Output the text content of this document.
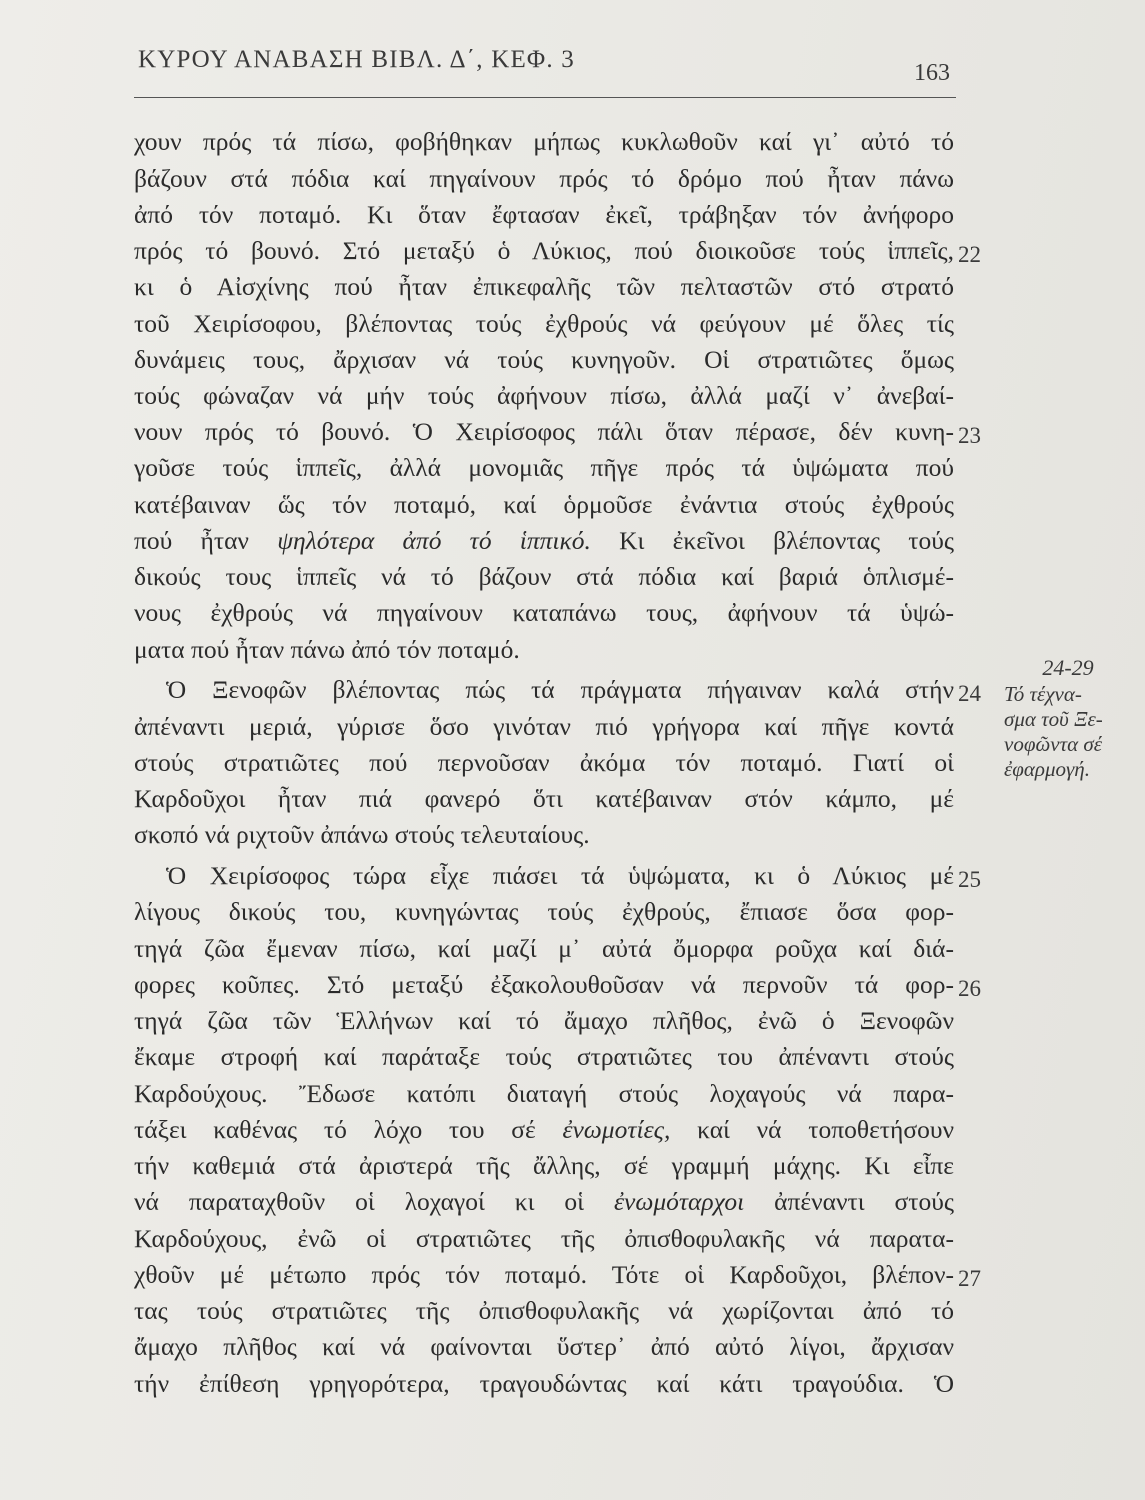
ΚΥΡΟΥ ΑΝΑΒΑΣΗ ΒΙΒΛ. Δ΄, ΚΕΦ. 3	163
χουν πρός τά πίσω, φοβήθηκαν μήπως κυκλωθοῦν καί γι᾽ αὐτό τό
βάζουν στά πόδια καί πηγαίνουν πρός τό δρόμο πού ἦταν πάνω
ἀπό τόν ποταμό. Κι ὅταν ἔφτασαν ἐκεῖ, τράβηξαν τόν ἀνήφορο
πρός τό βουνό. Στό μεταξύ ὁ Λύκιος, πού διοικοῦσε τούς ἱππεῖς,
κι ὁ Αἰσχίνης πού ἦταν ἐπικεφαλῆς τῶν πελταστῶν στό στρατό
τοῦ Χειρίσοφου, βλέποντας τούς ἐχθρούς νά φεύγουν μέ ὅλες τίς
δυνάμεις τους, ἄρχισαν νά τούς κυνηγοῦν. Οἱ στρατιῶτες ὅμως
τούς φώναζαν νά μήν τούς ἀφήνουν πίσω, ἀλλά μαζί ν᾽ ἀνεβαί-
νουν πρός τό βουνό. Ὁ Χειρίσοφος πάλι ὅταν πέρασε, δέν κυνη-
γοῦσε τούς ἱππεῖς, ἀλλά μονομιᾶς πῆγε πρός τά ὑψώματα πού
κατέβαιναν ὥς τόν ποταμό, καί ὁρμοῦσε ἐνάντια στούς ἐχθρούς
πού ἦταν ψηλότερα ἀπό τό ἱππικό. Κι ἐκεῖνοι βλέποντας τούς
δικούς τους ἱππεῖς νά τό βάζουν στά πόδια καί βαριά ὁπλισμέ-
νους ἐχθρούς νά πηγαίνουν καταπάνω τους, ἀφήνουν τά ὑψώ-
ματα πού ἦταν πάνω ἀπό τόν ποταμό.
Ὁ Ξενοφῶν βλέποντας πώς τά πράγματα πήγαιναν καλά στήν
ἀπέναντι μεριά, γύρισε ὅσο γινόταν πιό γρήγορα καί πῆγε κοντά
στούς στρατιῶτες πού περνοῦσαν ἀκόμα τόν ποταμό. Γιατί οἱ
Καρδοῦχοι ἦταν πιά φανερό ὅτι κατέβαιναν στόν κάμπο, μέ
σκοπό νά ριχτοῦν ἀπάνω στούς τελευταίους.
Ὁ Χειρίσοφος τώρα εἶχε πιάσει τά ὑψώματα, κι ὁ Λύκιος μέ
λίγους δικούς του, κυνηγώντας τούς ἐχθρούς, ἔπιασε ὅσα φορ-
τηγά ζῶα ἔμεναν πίσω, καί μαζί μ᾽ αὐτά ὄμορφα ροῦχα καί διά-
φορες κοῦπες. Στό μεταξύ ἐξακολουθοῦσαν νά περνοῦν τά φορ-
τηγά ζῶα τῶν Ἑλλήνων καί τό ἄμαχο πλῆθος, ἐνῶ ὁ Ξενοφῶν
ἔκαμε στροφή καί παράταξε τούς στρατιῶτες του ἀπέναντι στούς
Καρδούχους. Ἔδωσε κατόπι διαταγή στούς λοχαγούς νά παρα-
τάξει καθένας τό λόχο του σέ ἐνωμοτίες, καί νά τοποθετήσουν
τήν καθεμιά στά ἀριστερά τῆς ἄλλης, σέ γραμμή μάχης. Κι εἶπε
νά παραταχθοῦν οἱ λοχαγοί κι οἱ ἐνωμόταρχοι ἀπέναντι στούς
Καρδούχους, ἐνῶ οἱ στρατιῶτες τῆς ὀπισθοφυλακῆς νά παρατα-
χθοῦν μέ μέτωπο πρός τόν ποταμό. Τότε οἱ Καρδοῦχοι, βλέπον-
τας τούς στρατιῶτες τῆς ὀπισθοφυλακῆς νά χωρίζονται ἀπό τό
ἄμαχο πλῆθος καί νά φαίνονται ὕστερ᾽ ἀπό αὐτό λίγοι, ἄρχισαν
τήν ἐπίθεση γρηγορότερα, τραγουδώντας καί κάτι τραγούδια. Ὁ
22
23
24
25
26
27
24-29
Τό τέχνα-
σμα τοῦ Ξε-
νοφῶντα σέ
ἐφαρμογή.
